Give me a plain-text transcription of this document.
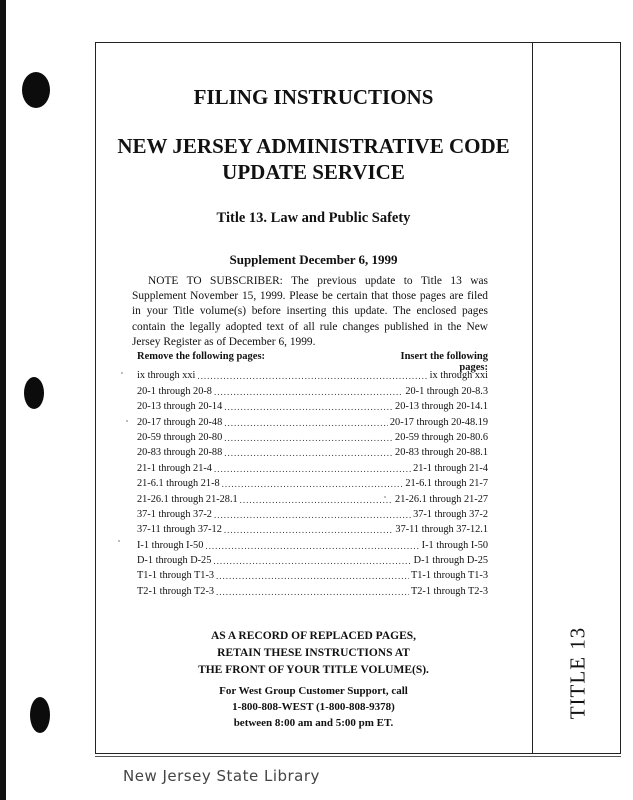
TITLE 13
FILING INSTRUCTIONS
NEW JERSEY ADMINISTRATIVE CODE
UPDATE SERVICE
Title 13. Law and Public Safety
Supplement December 6, 1999

NOTE TO SUBSCRIBER: The previous update to Title 13 was Supplement November 15, 1999. Please be certain that those pages are filed in your Title volume(s) before inserting this update. The enclosed pages contain the legally adopted text of all rule changes published in the New Jersey Register as of December 6, 1999.

Remove the following pages:	Insert the following pages:
ix through xxi .....	ix through xxi
20-1 through 20-8 .....	20-1 through 20-8.3
20-13 through 20-14 .....	20-13 through 20-14.1
20-17 through 20-48 .....	20-17 through 20-48.19
20-59 through 20-80 .....	20-59 through 20-80.6
20-83 through 20-88 .....	20-83 through 20-88.1
21-1 through 21-4 .....	21-1 through 21-4
21-6.1 through 21-8 .....	21-6.1 through 21-7
21-26.1 through 21-28.1 .....	21-26.1 through 21-27
37-1 through 37-2 .....	37-1 through 37-2
37-11 through 37-12 .....	37-11 through 37-12.1
I-1 through I-50 .....	I-1 through I-50
D-1 through D-25 .....	D-1 through D-25
T1-1 through T1-3 .....	T1-1 through T1-3
T2-1 through T2-3 .....	T2-1 through T2-3
AS A RECORD OF REPLACED PAGES,
RETAIN THESE INSTRUCTIONS AT
THE FRONT OF YOUR TITLE VOLUME(S).
For West Group Customer Support, call
1-800-808-WEST (1-800-808-9378)
between 8:00 am and 5:00 pm ET.
New Jersey State Library
